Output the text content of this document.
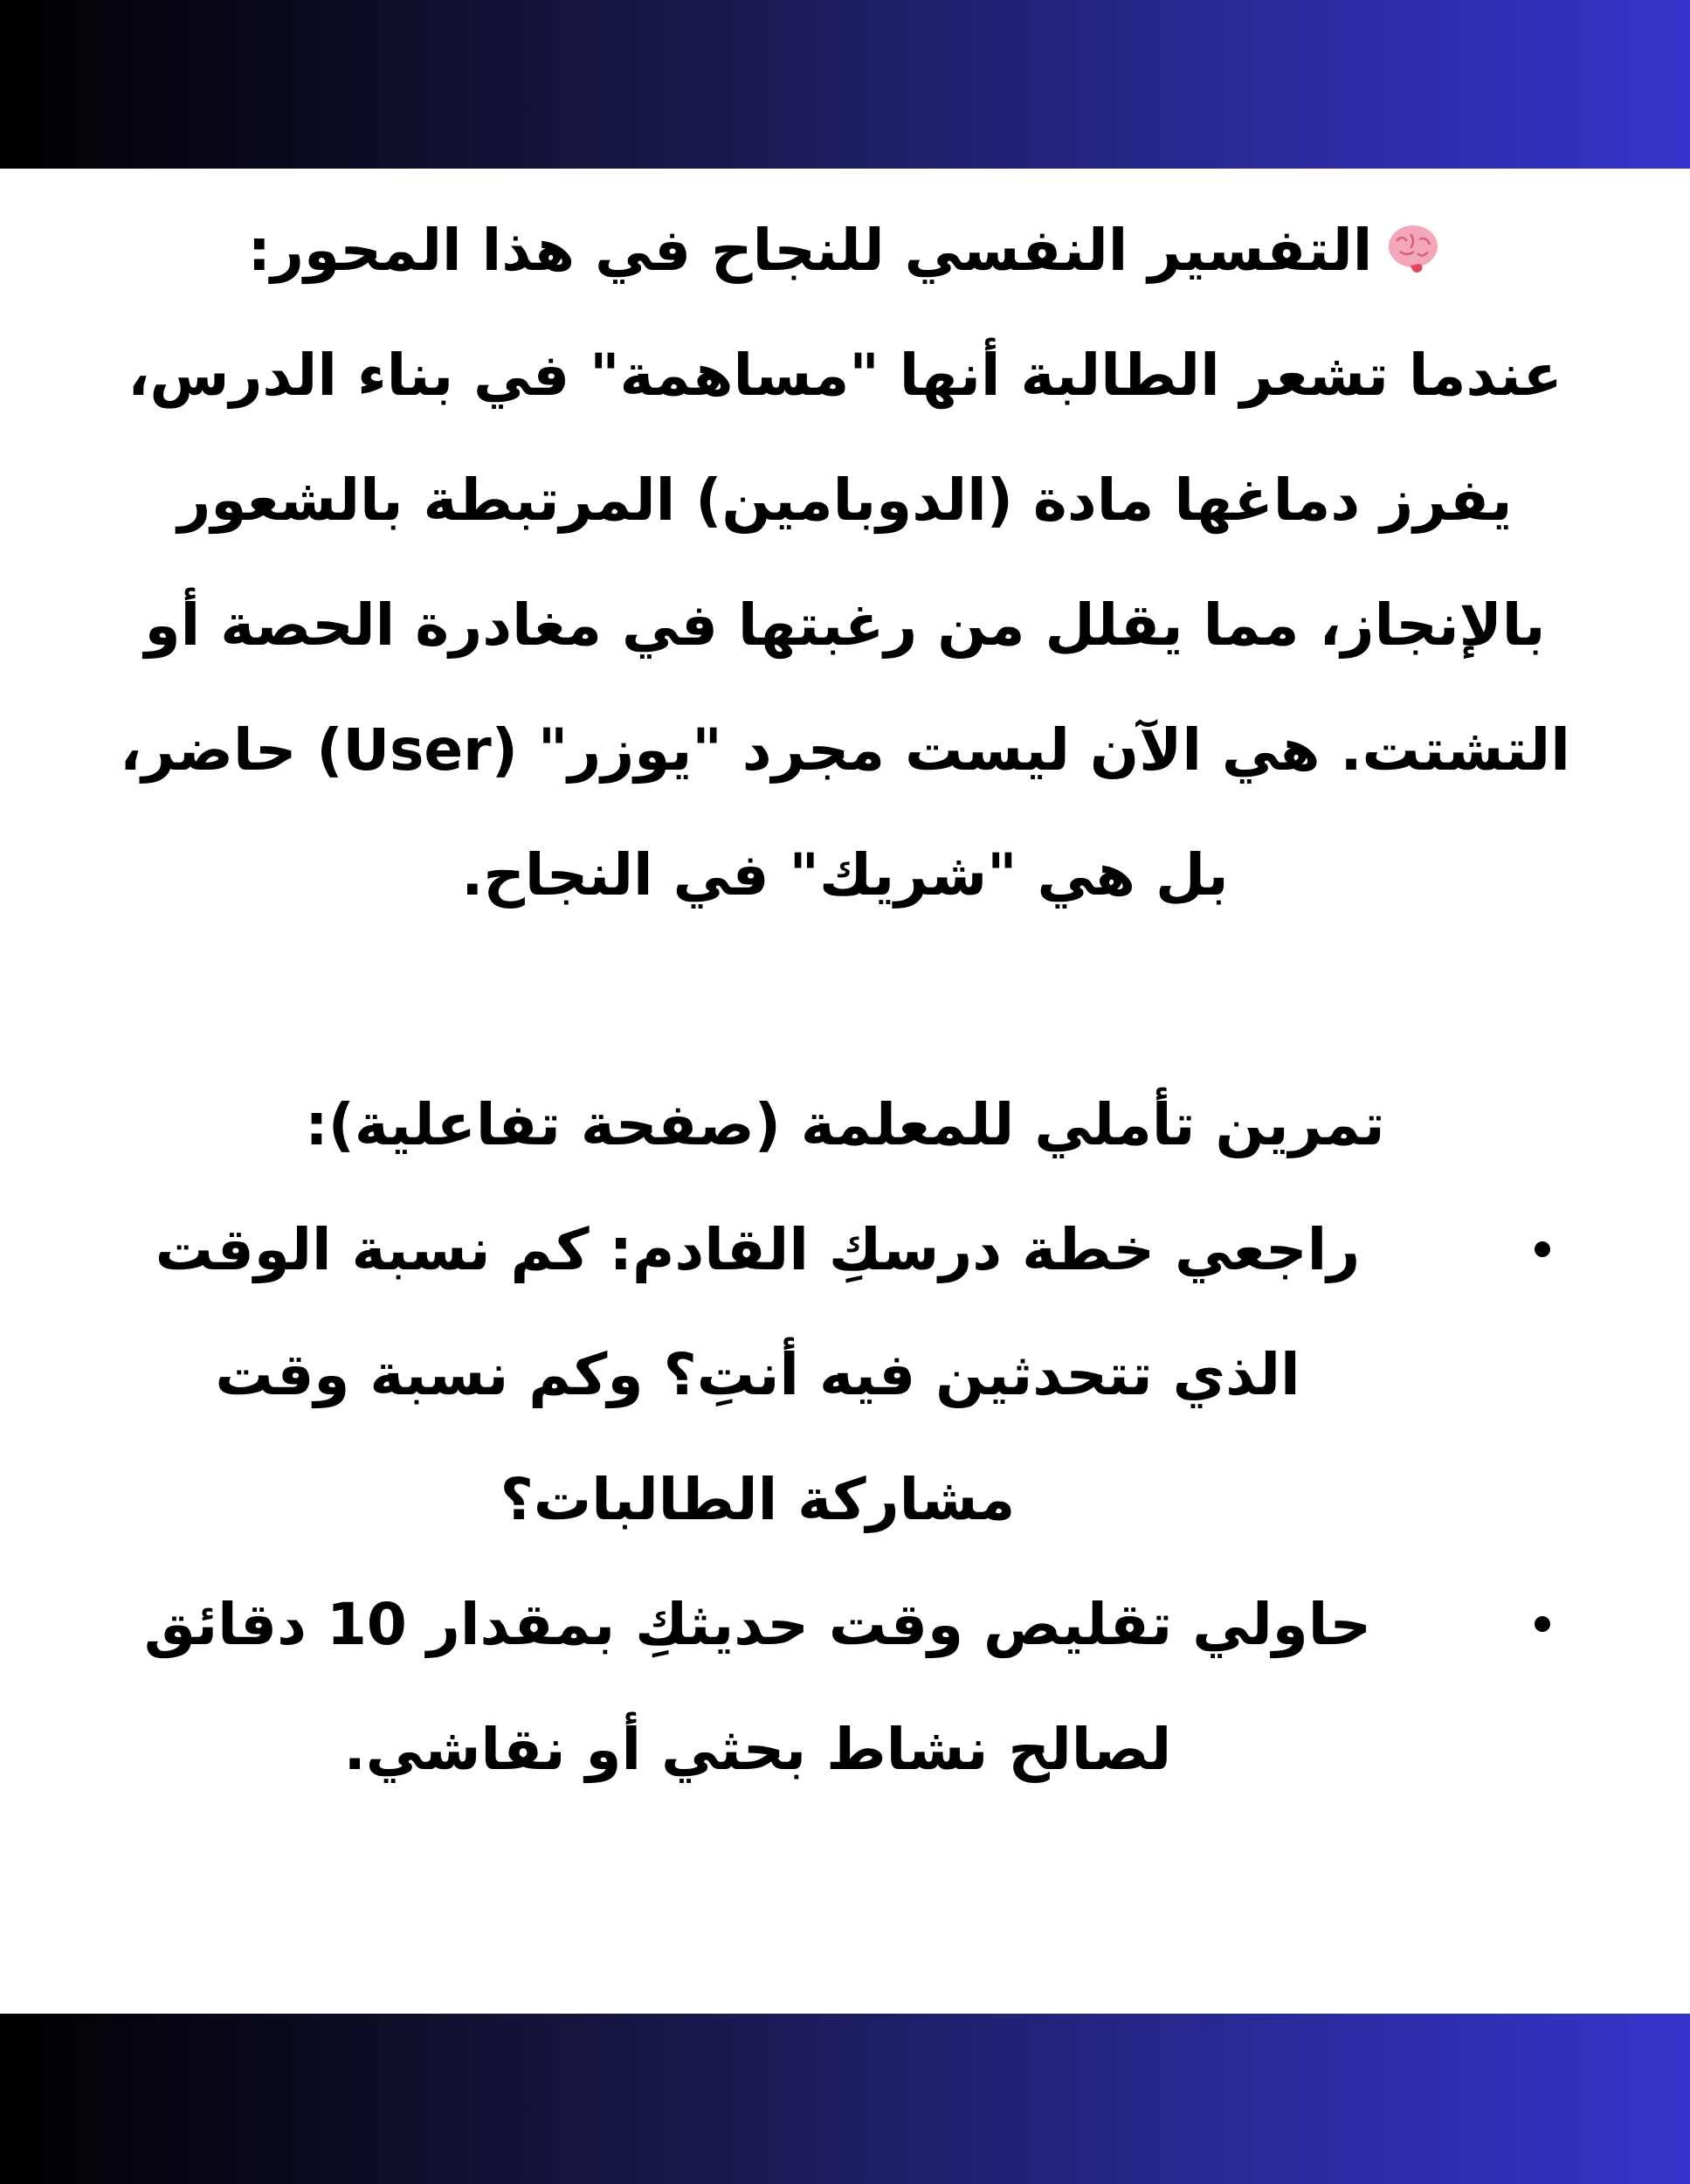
التفسير النفسي للنجاح في هذا المحور:

عندما تشعر الطالبة أنها "مساهمة" في بناء الدرس، يفرز دماغها مادة (الدوبامين) المرتبطة بالشعور بالإنجاز، مما يقلل من رغبتها في مغادرة الحصة أو التشتت. هي الآن ليست مجرد "يوزر" (User) حاضر، بل هي "شريك" في النجاح.

تمرين تأملي للمعلمة (صفحة تفاعلية):

راجعي خطة درسكِ القادم: كم نسبة الوقت الذي تتحدثين فيه أنتِ؟ وكم نسبة وقت مشاركة الطالبات؟
حاولي تقليص وقت حديثكِ بمقدار 10 دقائق لصالح نشاط بحثي أو نقاشي.
